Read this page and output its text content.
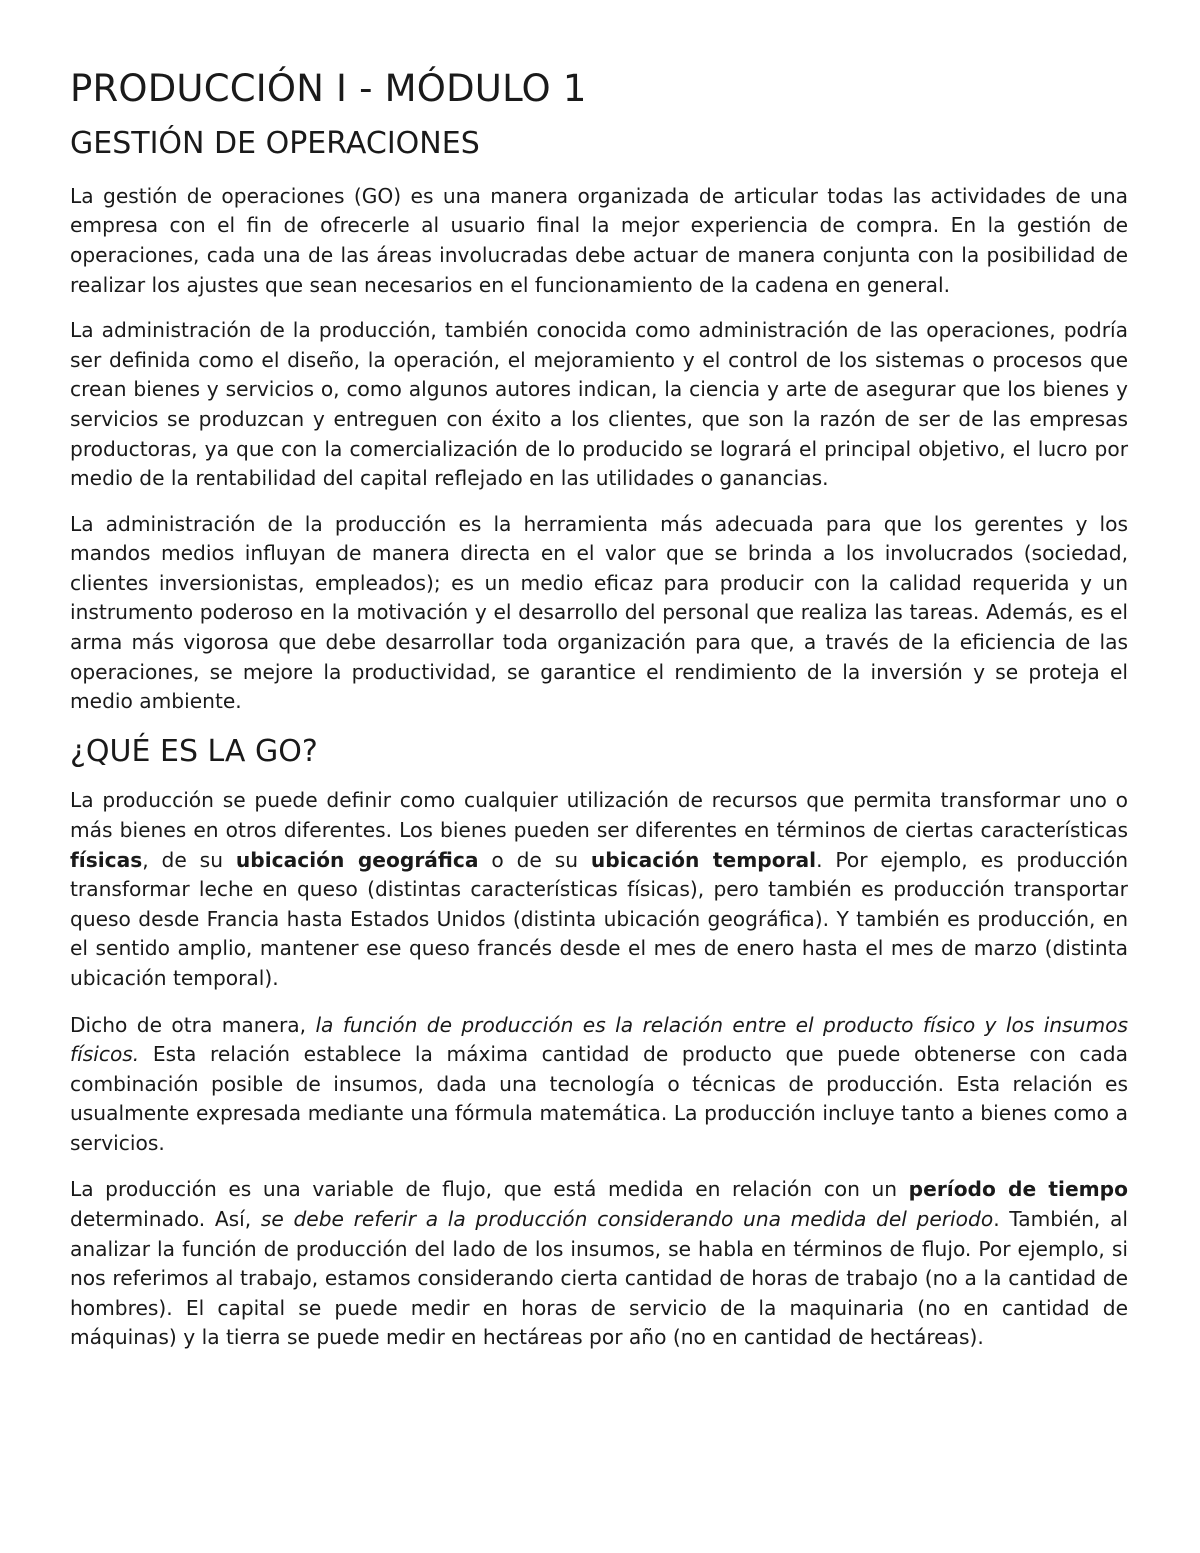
PRODUCCIÓN I - MÓDULO 1
GESTIÓN DE OPERACIONES

La gestión de operaciones (GO) es una manera organizada de articular todas las actividades de una empresa con el fin de ofrecerle al usuario final la mejor experiencia de compra. En la gestión de operaciones, cada una de las áreas involucradas debe actuar de manera conjunta con la posibilidad de realizar los ajustes que sean necesarios en el funcionamiento de la cadena en general.

La administración de la producción, también conocida como administración de las operaciones, podría ser definida como el diseño, la operación, el mejoramiento y el control de los sistemas o procesos que crean bienes y servicios o, como algunos autores indican, la ciencia y arte de asegurar que los bienes y servicios se produzcan y entreguen con éxito a los clientes, que son la razón de ser de las empresas productoras, ya que con la comercialización de lo producido se logrará el principal objetivo, el lucro por medio de la rentabilidad del capital reflejado en las utilidades o ganancias.

La administración de la producción es la herramienta más adecuada para que los gerentes y los mandos medios influyan de manera directa en el valor que se brinda a los involucrados (sociedad, clientes inversionistas, empleados); es un medio eficaz para producir con la calidad requerida y un instrumento poderoso en la motivación y el desarrollo del personal que realiza las tareas. Además, es el arma más vigorosa que debe desarrollar toda organización para que, a través de la eficiencia de las operaciones, se mejore la productividad, se garantice el rendimiento de la inversión y se proteja el medio ambiente.

¿QUÉ ES LA GO?

La producción se puede definir como cualquier utilización de recursos que permita transformar uno o más bienes en otros diferentes. Los bienes pueden ser diferentes en términos de ciertas características físicas, de su ubicación geográfica o de su ubicación temporal. Por ejemplo, es producción transformar leche en queso (distintas características físicas), pero también es producción transportar queso desde Francia hasta Estados Unidos (distinta ubicación geográfica). Y también es producción, en el sentido amplio, mantener ese queso francés desde el mes de enero hasta el mes de marzo (distinta ubicación temporal).

Dicho de otra manera, la función de producción es la relación entre el producto físico y los insumos físicos. Esta relación establece la máxima cantidad de producto que puede obtenerse con cada combinación posible de insumos, dada una tecnología o técnicas de producción. Esta relación es usualmente expresada mediante una fórmula matemática. La producción incluye tanto a bienes como a servicios.

La producción es una variable de flujo, que está medida en relación con un período de tiempo determinado. Así, se debe referir a la producción considerando una medida del periodo. También, al analizar la función de producción del lado de los insumos, se habla en términos de flujo. Por ejemplo, si nos referimos al trabajo, estamos considerando cierta cantidad de horas de trabajo (no a la cantidad de hombres). El capital se puede medir en horas de servicio de la maquinaria (no en cantidad de máquinas) y la tierra se puede medir en hectáreas por año (no en cantidad de hectáreas).
